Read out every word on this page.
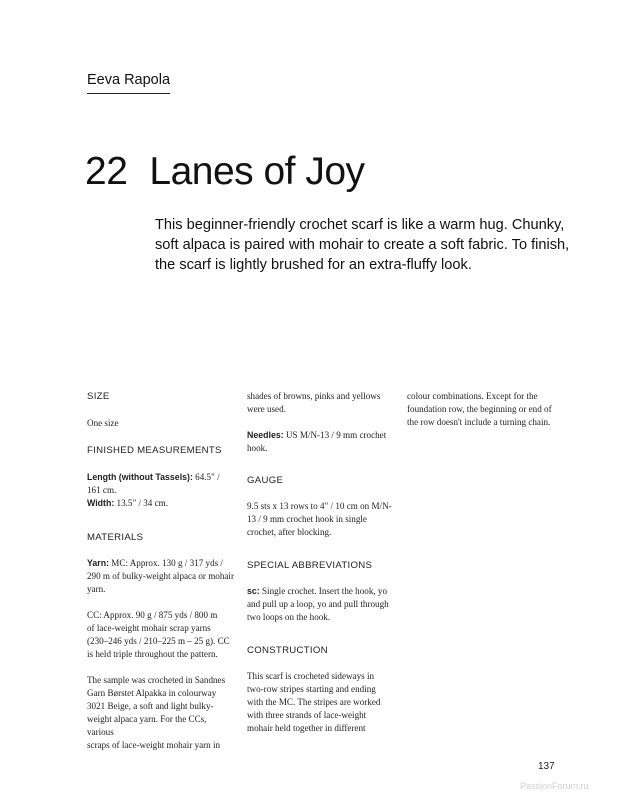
Eeva Rapola
22 Lanes of Joy
This beginner-friendly crochet scarf is like a warm hug. Chunky,
soft alpaca is paired with mohair to create a soft fabric. To finish,
the scarf is lightly brushed for an extra-fluffy look.
SIZE

One size

FINISHED MEASUREMENTS

Length (without Tassels): 64.5" /
161 cm.

Width: 13.5" / 34 cm.

MATERIALS

Yarn: MC: Approx. 130 g / 317 yds /
290 m of bulky-weight alpaca or mohair
yarn.

CC: Approx. 90 g / 875 yds / 800 m
of lace-weight mohair scrap yarns
(230–246 yds / 210–225 m – 25 g). CC
is held triple throughout the pattern.

The sample was crocheted in Sandnes
Garn Børstet Alpakka in colourway
3021 Beige, a soft and light bulky-
weight alpaca yarn. For the CCs, various
scraps of lace-weight mohair yarn in

shades of browns, pinks and yellows
were used.

Needles: US M/N-13 / 9 mm crochet
hook.

GAUGE

9.5 sts x 13 rows to 4" / 10 cm on M/N-
13 / 9 mm crochet hook in single
crochet, after blocking.

SPECIAL ABBREVIATIONS

sc: Single crochet. Insert the hook, yo
and pull up a loop, yo and pull through
two loops on the hook.

CONSTRUCTION

This scarf is crocheted sideways in
two-row stripes starting and ending
with the MC. The stripes are worked
with three strands of lace-weight
mohair held together in different

colour combinations. Except for the
foundation row, the beginning or end of
the row doesn't include a turning chain.

137
PassionForum.ru
